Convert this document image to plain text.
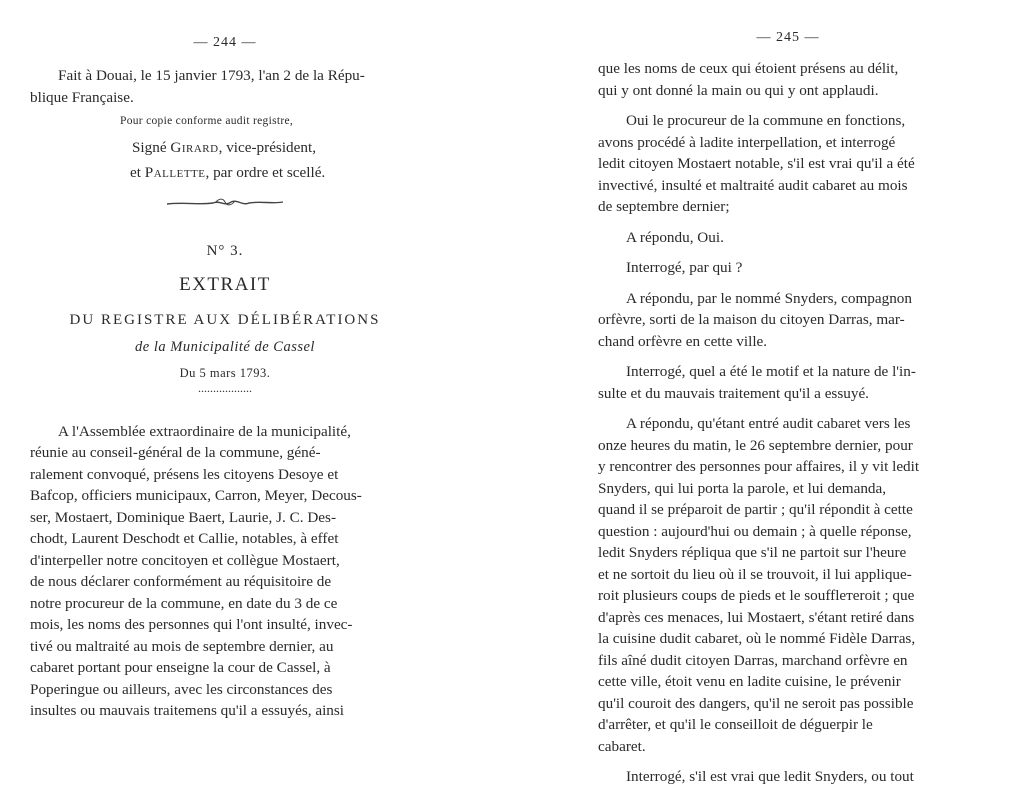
— 244 —

Fait à Douai, le 15 janvier 1793, l'an 2 de la Répu-

blique Française.

Pour copie conforme audit registre,

Signé Girard, vice-président,

et Pallette, par ordre et scellé.

N° 3.
EXTRAIT
DU REGISTRE AUX DÉLIBÉRATIONS
de la Municipalité de Cassel
Du 5 mars 1793.
..................

A l'Assemblée extraordinaire de la municipalité,

réunie au conseil-général de la commune, géné-

ralement convoqué, présens les citoyens Desoye et

Bafcop, officiers municipaux, Carron, Meyer, Decous-

ser, Mostaert, Dominique Baert, Laurie, J. C. Des-

chodt, Laurent Deschodt et Callie, notables, à effet

d'interpeller notre concitoyen et collègue Mostaert,

de nous déclarer conformément au réquisitoire de

notre procureur de la commune, en date du 3 de ce

mois, les noms des personnes qui l'ont insulté, invec-

tivé ou maltraité au mois de septembre dernier, au

cabaret portant pour enseigne la cour de Cassel, à

Poperingue ou ailleurs, avec les circonstances des

insultes ou mauvais traitemens qu'il a essuyés, ainsi

— 245 —

que les noms de ceux qui étoient présens au délit,

qui y ont donné la main ou qui y ont applaudi.

Oui le procureur de la commune en fonctions,

avons procédé à ladite interpellation, et interrogé

ledit citoyen Mostaert notable, s'il est vrai qu'il a été

invectivé, insulté et maltraité audit cabaret au mois

de septembre dernier;

A répondu, Oui.

Interrogé, par qui ?

A répondu, par le nommé Snyders, compagnon

orfèvre, sorti de la maison du citoyen Darras, mar-

chand orfèvre en cette ville.

Interrogé, quel a été le motif et la nature de l'in-

sulte et du mauvais traitement qu'il a essuyé.

A répondu, qu'étant entré audit cabaret vers les

onze heures du matin, le 26 septembre dernier, pour

y rencontrer des personnes pour affaires, il y vit ledit

Snyders, qui lui porta la parole, et lui demanda,

quand il se préparoit de partir ; qu'il répondit à cette

question : aujourd'hui ou demain ; à quelle réponse,

ledit Snyders répliqua que s'il ne partoit sur l'heure

et ne sortoit du lieu où il se trouvoit, il lui applique-

roit plusieurs coups de pieds et le soufflетeroit ; que

d'après ces menaces, lui Mostaert, s'étant retiré dans

la cuisine dudit cabaret, où le nommé Fidèle Darras,

fils aîné dudit citoyen Darras, marchand orfèvre en

cette ville, étoit venu en ladite cuisine, le prévenir

qu'il couroit des dangers, qu'il ne seroit pas possible

d'arrêter, et qu'il le conseilloit de déguerpir le

cabaret.

Interrogé, s'il est vrai que ledit Snyders, ou tout
